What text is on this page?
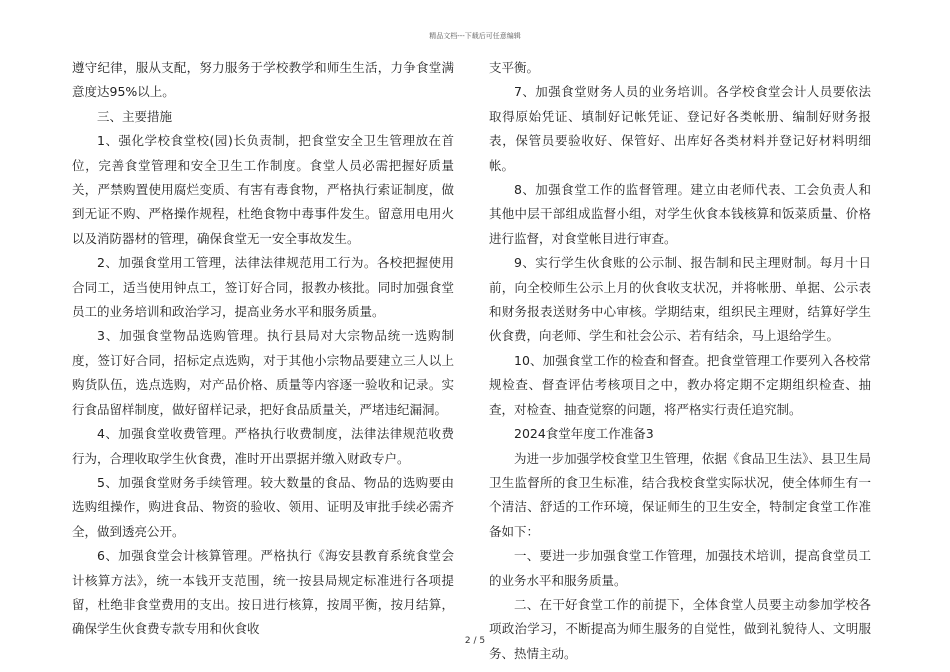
精品文档---下载后可任意编辑

遵守纪律，服从支配，努力服务于学校教学和师生生活，力争食堂满意度达95%以上。

三、主要措施

1、强化学校食堂校(园)长负责制，把食堂安全卫生管理放在首位，完善食堂管理和安全卫生工作制度。食堂人员必需把握好质量关，严禁购置使用腐烂变质、有害有毒食物，严格执行索证制度，做到无证不购、严格操作规程，杜绝食物中毒事件发生。留意用电用火以及消防器材的管理，确保食堂无一安全事故发生。

2、加强食堂用工管理，法律法律规范用工行为。各校把握使用合同工，适当使用钟点工，签订好合同，报教办核批。同时加强食堂员工的业务培训和政治学习，提高业务水平和服务质量。

3、加强食堂物品选购管理。执行县局对大宗物品统一选购制度，签订好合同，招标定点选购，对于其他小宗物品要建立三人以上购货队伍，选点选购，对产品价格、质量等内容逐一验收和记录。实行食品留样制度，做好留样记录，把好食品质量关，严堵违纪漏洞。

4、加强食堂收费管理。严格执行收费制度，法律法律规范收费行为，合理收取学生伙食费，准时开出票据并缴入财政专户。

5、加强食堂财务手续管理。较大数量的食品、物品的选购要由选购组操作，购进食品、物资的验收、领用、证明及审批手续必需齐全，做到透亮公开。

6、加强食堂会计核算管理。严格执行《海安县教育系统食堂会计核算方法》，统一本钱开支范围，统一按县局规定标准进行各项提留，杜绝非食堂费用的支出。按日进行核算，按周平衡，按月结算，确保学生伙食费专款专用和伙食收

支平衡。

7、加强食堂财务人员的业务培训。各学校食堂会计人员要依法取得原始凭证、填制好记帐凭证、登记好各类帐册、编制好财务报表，保管员要验收好、保管好、出库好各类材料并登记好材料明细帐。

8、加强食堂工作的监督管理。建立由老师代表、工会负责人和其他中层干部组成监督小组，对学生伙食本钱核算和饭菜质量、价格进行监督，对食堂帐目进行审查。

9、实行学生伙食账的公示制、报告制和民主理财制。每月十日前，向全校师生公示上月的伙食收支状况，并将帐册、单据、公示表和财务报表送财务中心审核。学期结束，组织民主理财，结算好学生伙食费，向老师、学生和社会公示、若有结余，马上退给学生。

10、加强食堂工作的检查和督查。把食堂管理工作要列入各校常规检查、督查评估考核项目之中，教办将定期不定期组织检查、抽查，对检查、抽查觉察的问题，将严格实行责任追究制。

2024食堂年度工作准备3

为进一步加强学校食堂卫生管理，依据《食品卫生法》、县卫生局卫生监督所的食卫生标准，结合我校食堂实际状况，使全体师生有一个清洁、舒适的工作环境，保证师生的卫生安全，特制定食堂工作准备如下：

一、要进一步加强食堂工作管理，加强技术培训，提高食堂员工的业务水平和服务质量。

二、在干好食堂工作的前提下，全体食堂人员要主动参加学校各项政治学习，不断提高为师生服务的自觉性，做到礼貌待人、文明服务、热情主动。

2 / 5
